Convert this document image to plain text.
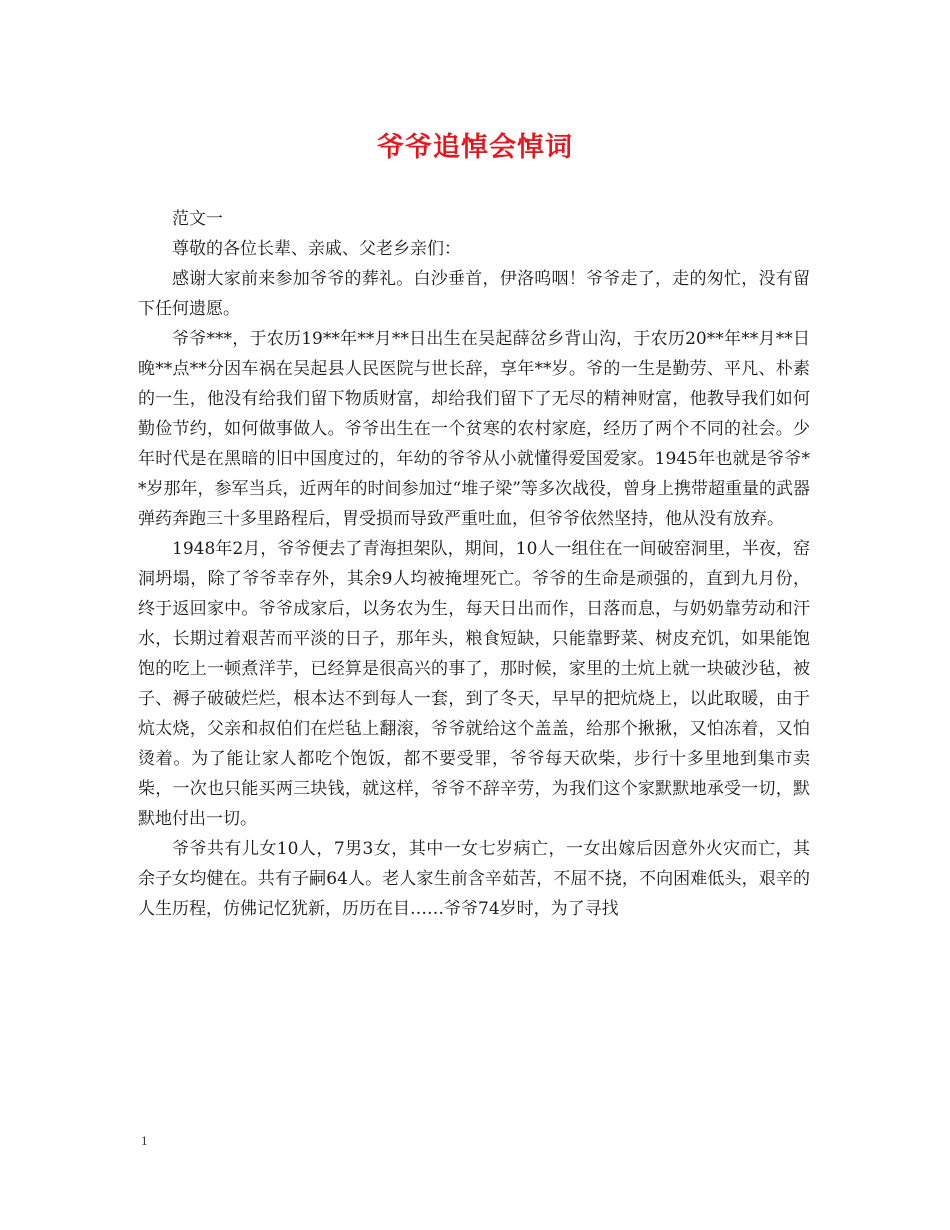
爷爷追悼会悼词

范文一

尊敬的各位长辈、亲戚、父老乡亲们：

感谢大家前来参加爷爷的葬礼。白沙垂首，伊洛呜咽！爷爷走了，走的匆忙，没有留下任何遗愿。

爷爷***，于农历19**年**月**日出生在吴起薛岔乡背山沟，于农历20**年**月**日晚**点**分因车祸在吴起县人民医院与世长辞，享年**岁。爷的一生是勤劳、平凡、朴素的一生，他没有给我们留下物质财富，却给我们留下了无尽的精神财富，他教导我们如何勤俭节约，如何做事做人。爷爷出生在一个贫寒的农村家庭，经历了两个不同的社会。少年时代是在黑暗的旧中国度过的，年幼的爷爷从小就懂得爱国爱家。1945年也就是爷爷**岁那年，参军当兵，近两年的时间参加过“堆子梁”等多次战役，曾身上携带超重量的武器弹药奔跑三十多里路程后，胃受损而导致严重吐血，但爷爷依然坚持，他从没有放弃。

1948年2月，爷爷便去了青海担架队，期间，10人一组住在一间破窑洞里，半夜，窑洞坍塌，除了爷爷幸存外，其余9人均被掩埋死亡。爷爷的生命是顽强的，直到九月份，终于返回家中。爷爷成家后，以务农为生，每天日出而作，日落而息，与奶奶靠劳动和汗水，长期过着艰苦而平淡的日子，那年头，粮食短缺，只能靠野菜、树皮充饥，如果能饱饱的吃上一顿煮洋芋，已经算是很高兴的事了，那时候，家里的土炕上就一块破沙毡，被子、褥子破破烂烂，根本达不到每人一套，到了冬天，早早的把炕烧上，以此取暖，由于炕太烧，父亲和叔伯们在烂毡上翻滚，爷爷就给这个盖盖，给那个揪揪，又怕冻着，又怕烫着。为了能让家人都吃个饱饭，都不要受罪，爷爷每天砍柴，步行十多里地到集市卖柴，一次也只能买两三块钱，就这样，爷爷不辞辛劳，为我们这个家默默地承受一切，默默地付出一切。

爷爷共有儿女10人，7男3女，其中一女七岁病亡，一女出嫁后因意外火灾而亡，其余子女均健在。共有子嗣64人。老人家生前含辛茹苦，不屈不挠，不向困难低头，艰辛的人生历程，仿佛记忆犹新，历历在目……爷爷74岁时，为了寻找

1
